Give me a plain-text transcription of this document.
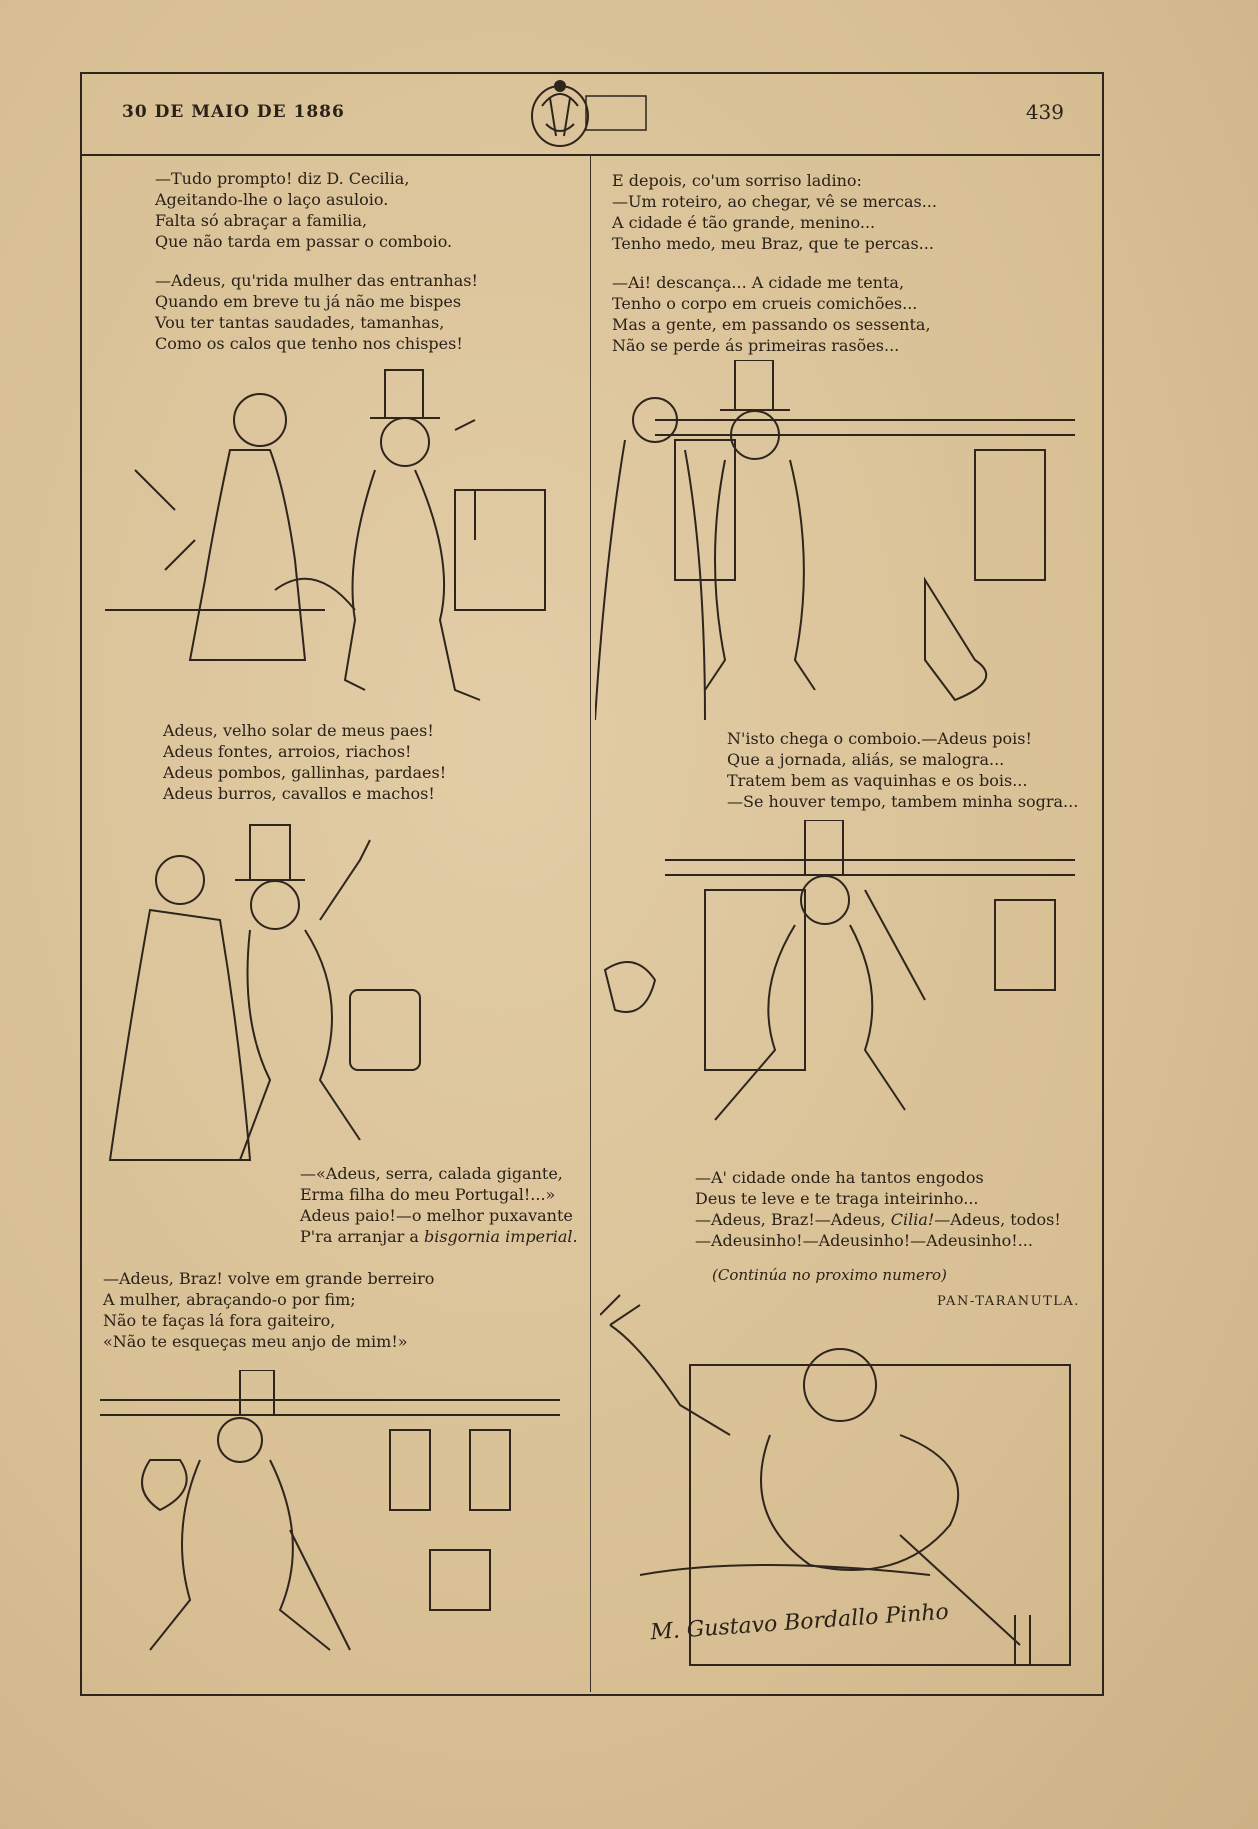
30 DE MAIO DE 1886	439
—Tudo prompto! diz D. Cecilia,
Ageitando-lhe o laço asuloio.
Falta só abraçar a familia,
Que não tarda em passar o comboio.
—Adeus, qu'rida mulher das entranhas!
Quando em breve tu já não me bispes
Vou ter tantas saudades, tamanhas,
Como os calos que tenho nos chispes!
Adeus, velho solar de meus paes!
Adeus fontes, arroios, riachos!
Adeus pombos, gallinhas, pardaes!
Adeus burros, cavallos e machos!
—«Adeus, serra, calada gigante,
Erma filha do meu Portugal!...»
Adeus paio!—o melhor puxavante
P'ra arranjar a bisgornia imperial.
—Adeus, Braz! volve em grande berreiro
A mulher, abraçando-o por fim;
Não te faças lá fora gaiteiro,
«Não te esqueças meu anjo de mim!»
E depois, co'um sorriso ladino:
—Um roteiro, ao chegar, vê se mercas...
A cidade é tão grande, menino...
Tenho medo, meu Braz, que te percas...
—Ai! descança... A cidade me tenta,
Tenho o corpo em crueis comichões...
Mas a gente, em passando os sessenta,
Não se perde ás primeiras rasões...
N'isto chega o comboio.—Adeus pois!
Que a jornada, aliás, se malogra...
Tratem bem as vaquinhas e os bois...
—Se houver tempo, tambem minha sogra...
—A' cidade onde ha tantos engodos
Deus te leve e te traga inteirinho...
—Adeus, Braz!—Adeus, Cilia!—Adeus, todos!
—Adeusinho!—Adeusinho!—Adeusinho!...
(Continúa no proximo numero)
PAN-TARANUTLA.
M. Gustavo Bordallo Pinho
